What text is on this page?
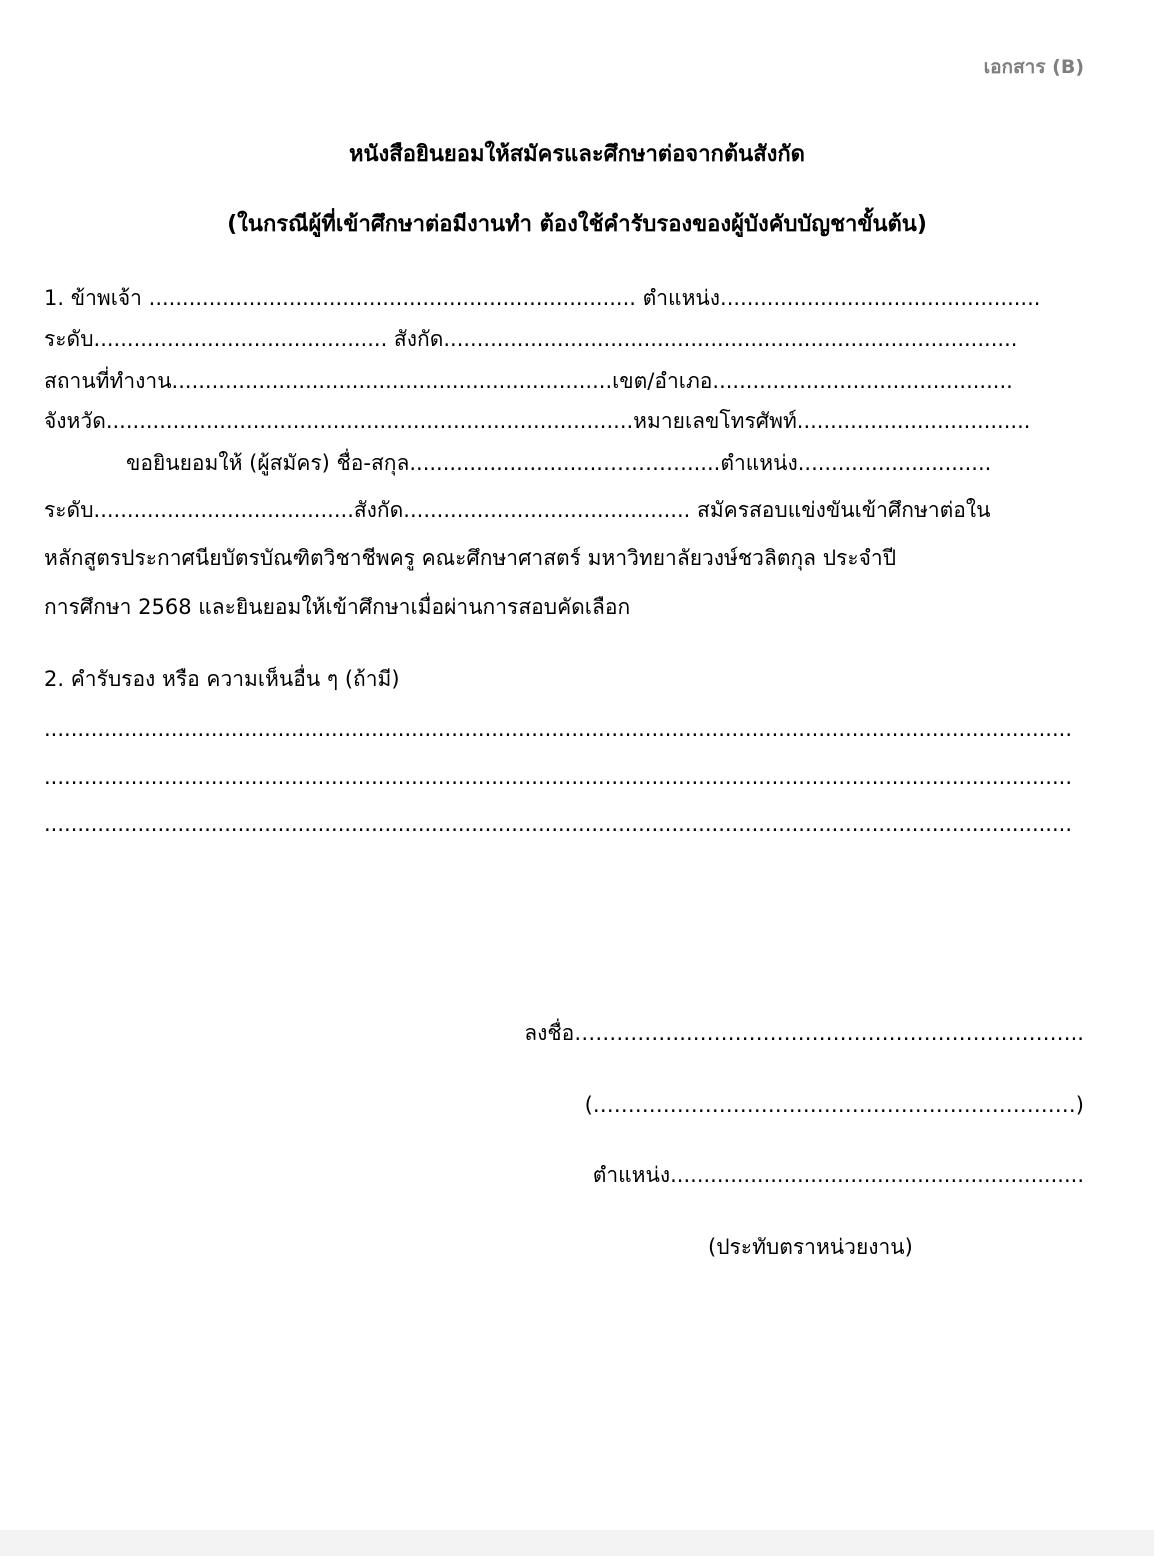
เอกสาร (B)

หนังสือยินยอมให้สมัครและศึกษาต่อจากต้นสังกัด

(ในกรณีผู้ที่เข้าศึกษาต่อมีงานทำ ต้องใช้คำรับรองของผู้บังคับบัญชาขั้นต้น)

1. ข้าพเจ้า ......................................................................... ตำแหน่ง................................................

ระดับ............................................ สังกัด......................................................................................

สถานที่ทำงาน..................................................................เขต/อำเภอ.............................................

จังหวัด...............................................................................หมายเลขโทรศัพท์...................................

ขอยินยอมให้ (ผู้สมัคร) ชื่อ-สกุล.............................………….....ตำแหน่ง.............................

ระดับ.......................................สังกัด........................................... สมัครสอบแข่งขันเข้าศึกษาต่อใน

หลักสูตรประกาศนียบัตรบัณฑิตวิชาชีพครู คณะศึกษาศาสตร์ มหาวิทยาลัยวงษ์ชวลิตกุล ประจำปี

การศึกษา 2568 และยินยอมให้เข้าศึกษาเมื่อผ่านการสอบคัดเลือก

2. คำรับรอง หรือ ความเห็นอื่น ๆ (ถ้ามี)

..........................................................................................................................................................

..........................................................................................................................................................

..........................................................................................................................................................

ลงชื่อ……………..………………………………………………..

(……………………………………………………………)

ตำแหน่ง..............................................................

(ประทับตราหน่วยงาน)
